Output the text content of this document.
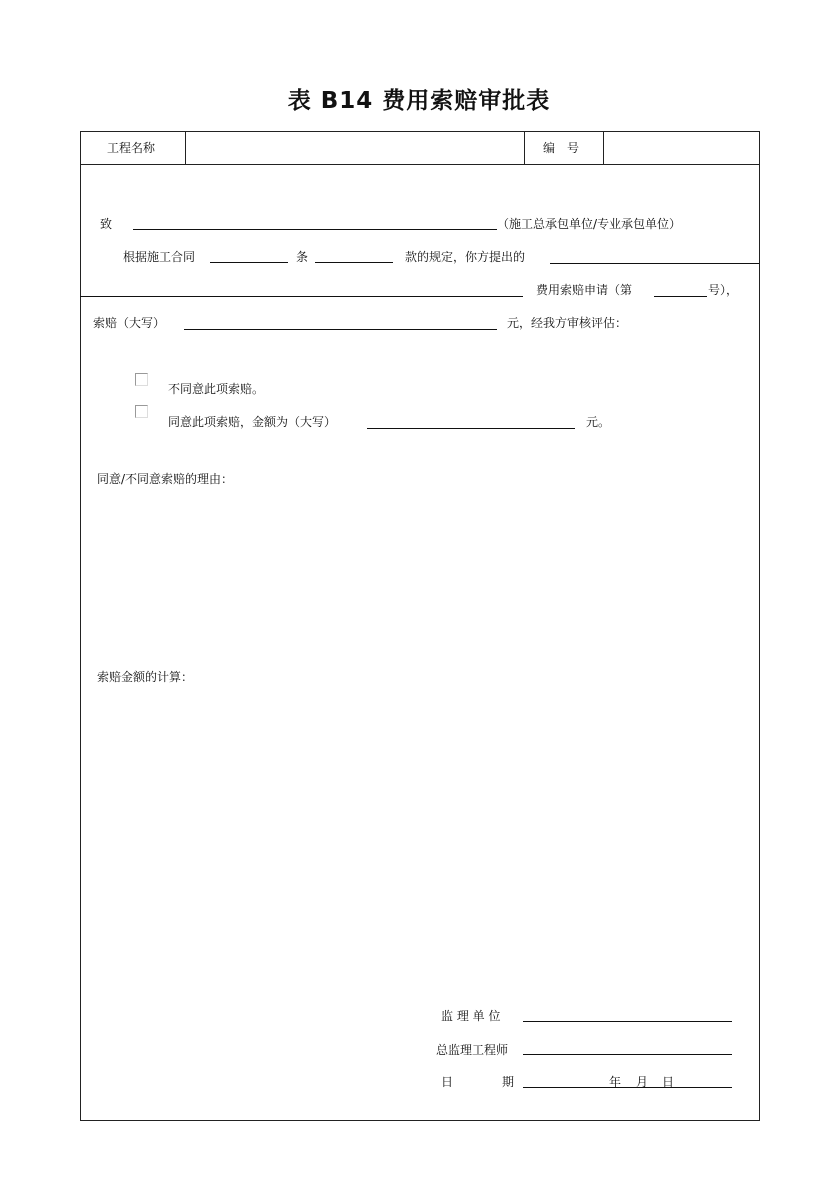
表 B14 费用索赔审批表
工程名称	编　号
致	（施工总承包单位/专业承包单位）
根据施工合同	条	款的规定，你方提出的
费用索赔申请（第	号），
索赔（大写）	元，经我方审核评估：
不同意此项索赔。
同意此项索赔，金额为（大写）	元。
同意/不同意索赔的理由：
索赔金额的计算：
监 理 单 位
总监理工程师
日	期	年 月 日
